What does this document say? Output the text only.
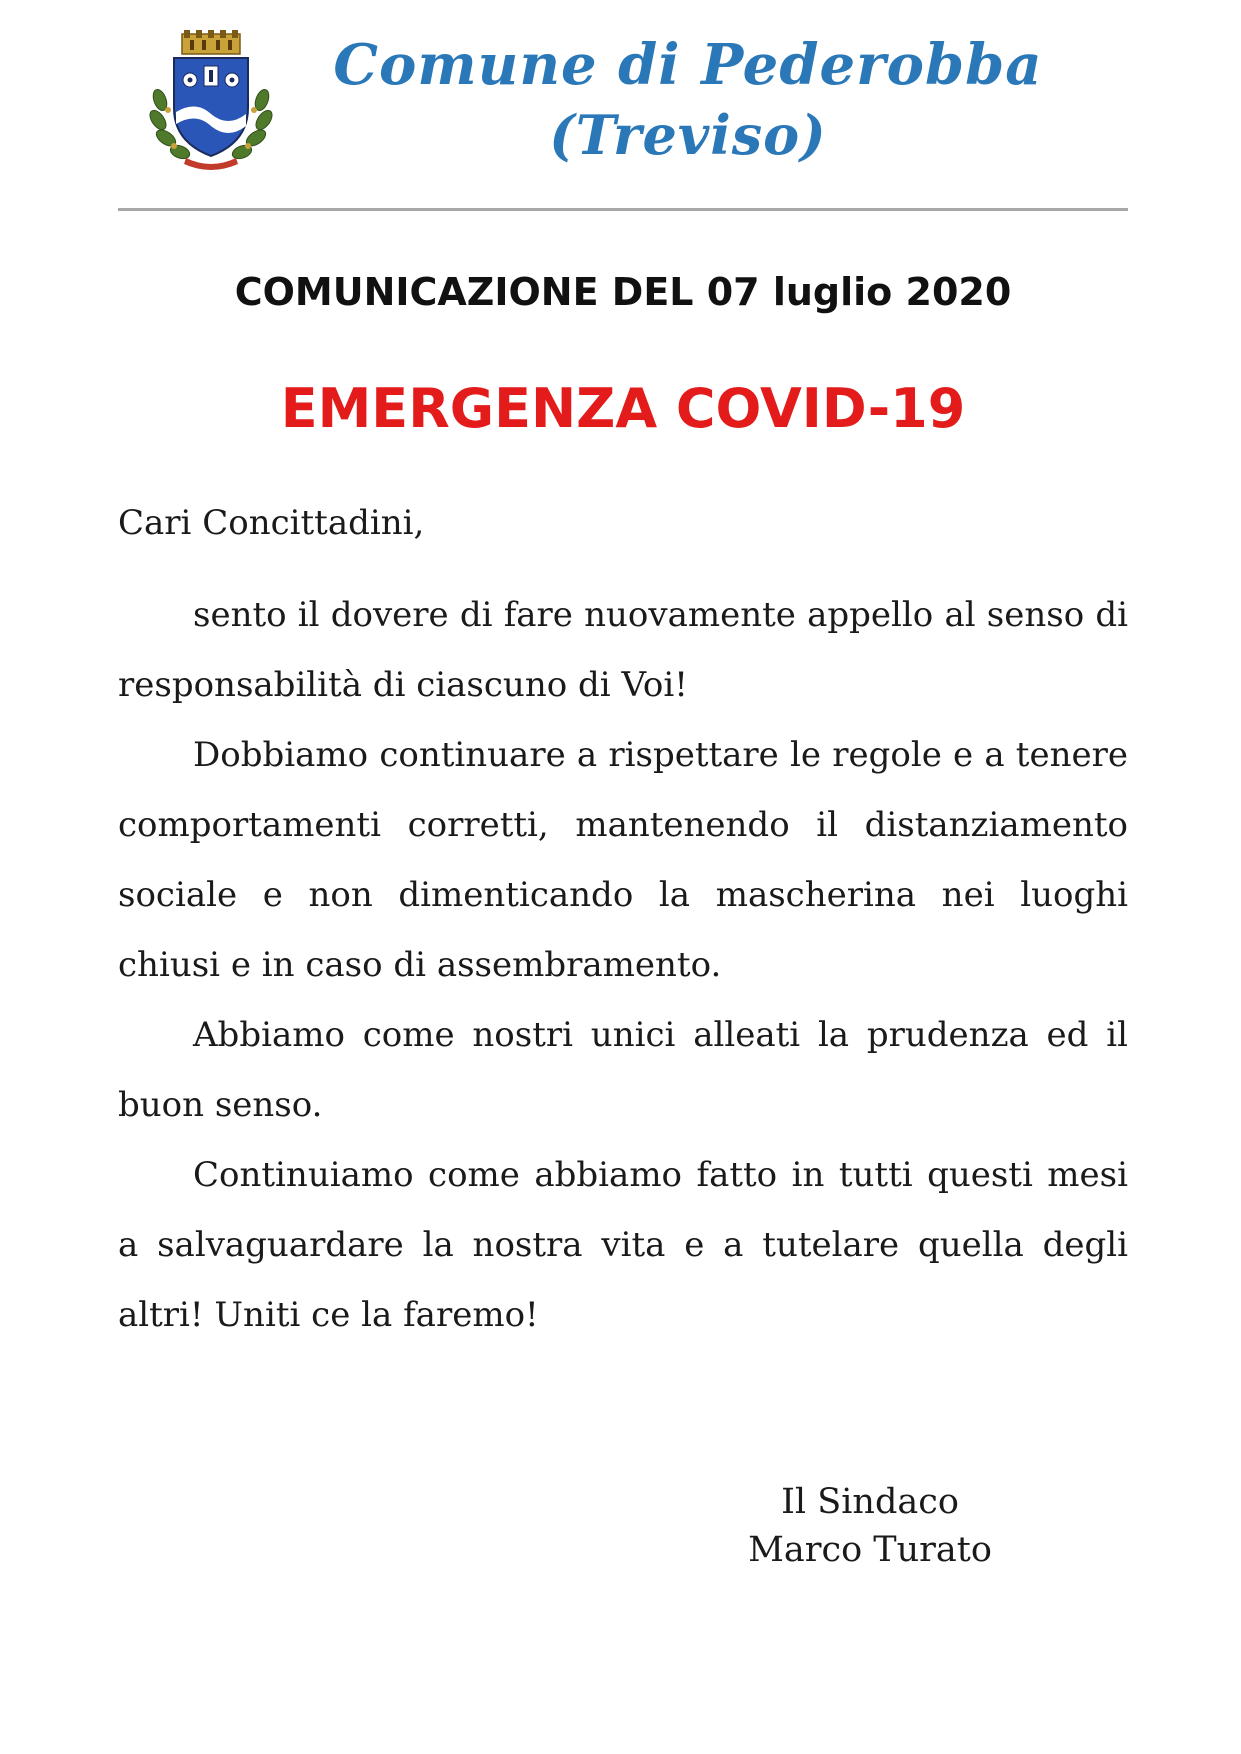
Comune di Pederobba
(Treviso)
COMUNICAZIONE DEL 07 luglio 2020
EMERGENZA COVID-19

Cari Concittadini,

sento il dovere di fare nuovamente appello al senso di responsabilità di ciascuno di Voi!

Dobbiamo continuare a rispettare le regole e a tenere comportamenti corretti, mantenendo il distanziamento sociale e non dimenticando la mascherina nei luoghi chiusi e in caso di assembramento.

Abbiamo come nostri unici alleati la prudenza ed il buon senso.

Continuiamo come abbiamo fatto in tutti questi mesi a salvaguardare la nostra vita e a tutelare quella degli altri! Uniti ce la faremo!

Il Sindaco
Marco Turato
